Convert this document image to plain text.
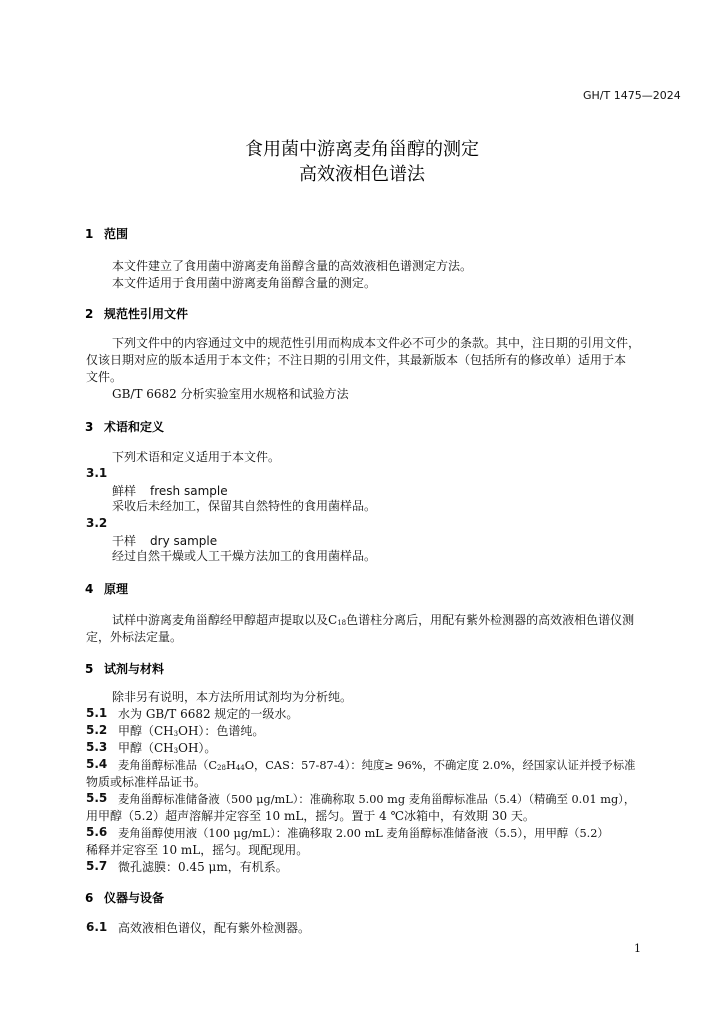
GH/T 1475—2024
食用菌中游离麦角甾醇的测定
高效液相色谱法
1 范围
本文件建立了食用菌中游离麦角甾醇含量的高效液相色谱测定方法。
本文件适用于食用菌中游离麦角甾醇含量的测定。
2 规范性引用文件
下列文件中的内容通过文中的规范性引用而构成本文件必不可少的条款。其中，注日期的引用文件，
仅该日期对应的版本适用于本文件；不注日期的引用文件，其最新版本（包括所有的修改单）适用于本
文件。
GB/T 6682 分析实验室用水规格和试验方法
3 术语和定义
下列术语和定义适用于本文件。
3.1
鲜样 fresh sample
采收后未经加工，保留其自然特性的食用菌样品。
3.2
干样 dry sample
经过自然干燥或人工干燥方法加工的食用菌样品。
4 原理
试样中游离麦角甾醇经甲醇超声提取以及C18色谱柱分离后，用配有紫外检测器的高效液相色谱仪测
定，外标法定量。
5 试剂与材料
除非另有说明，本方法所用试剂均为分析纯。
5.1 水为 GB/T 6682 规定的一级水。
5.2 甲醇（CH3OH）：色谱纯。
5.3 甲醇（CH3OH）。
5.4 麦角甾醇标准品（C28H44O，CAS：57-87-4）：纯度≥ 96%，不确定度 2.0%，经国家认证并授予标准
物质或标准样品证书。
5.5 麦角甾醇标准储备液（500 μg/mL）：准确称取 5.00 mg 麦角甾醇标准品（5.4）（精确至 0.01 mg），
用甲醇（5.2）超声溶解并定容至 10 mL，摇匀。置于 4 ℃冰箱中，有效期 30 天。
5.6 麦角甾醇使用液（100 μg/mL）：准确移取 2.00 mL 麦角甾醇标准储备液（5.5），用甲醇（5.2）
稀释并定容至 10 mL，摇匀。现配现用。
5.7 微孔滤膜：0.45 μm，有机系。
6 仪器与设备
6.1 高效液相色谱仪，配有紫外检测器。
1
